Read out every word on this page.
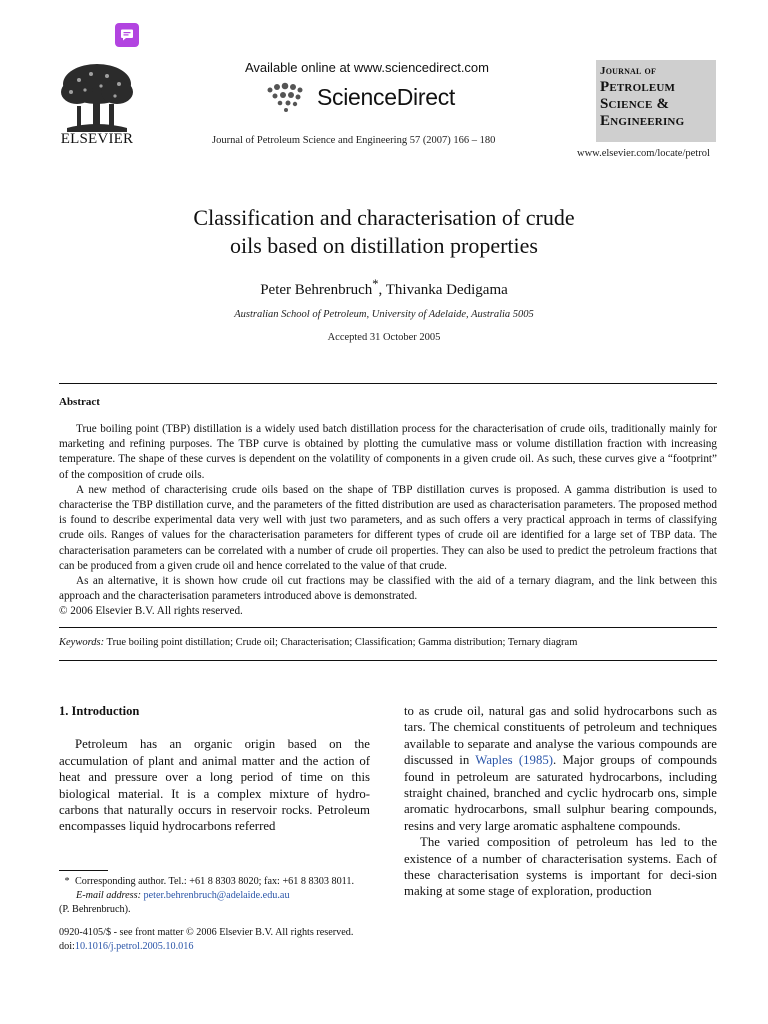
ELSEVIER
Available online at www.sciencedirect.com
ScienceDirect
Journal of Petroleum Science and Engineering 57 (2007) 166 – 180
Journal of
Petroleum
Science &
Engineering
www.elsevier.com/locate/petrol
Classification and characterisation of crude
oils based on distillation properties
Peter Behrenbruch*, Thivanka Dedigama
Australian School of Petroleum, University of Adelaide, Australia 5005
Accepted 31 October 2005
Abstract

True boiling point (TBP) distillation is a widely used batch distillation process for the characterisation of crude oils, traditionally mainly for marketing and refining purposes. The TBP curve is obtained by plotting the cumulative mass or volume distillation fraction with increasing temperature. The shape of these curves is dependent on the volatility of components in a given crude oil. As such, these curves give a “footprint” of the composition of crude oils.

A new method of characterising crude oils based on the shape of TBP distillation curves is proposed. A gamma distribution is used to characterise the TBP distillation curve, and the parameters of the fitted distribution are used as characterisation parameters. The proposed method is found to describe experimental data very well with just two parameters, and as such offers a very practical approach in terms of classifying crude oils. Ranges of values for the characterisation parameters for different types of crude oil are identified for a large set of TBP data. The characterisation parameters can be correlated with a number of crude oil properties. They can also be used to predict the petroleum fractions that can be produced from a given crude oil and hence correlated to the value of that crude.

As an alternative, it is shown how crude oil cut fractions may be classified with the aid of a ternary diagram, and the link between this approach and the characterisation parameters introduced above is demonstrated.

© 2006 Elsevier B.V. All rights reserved.

Keywords: True boiling point distillation; Crude oil; Characterisation; Classification; Gamma distribution; Ternary diagram
1. Introduction

Petroleum has an organic origin based on the accumulation of plant and animal matter and the action of heat and pressure over a long period of time on this biological material. It is a complex mixture of hydro-carbons that naturally occurs in reservoir rocks. Petroleum encompasses liquid hydrocarbons referred

to as crude oil, natural gas and solid hydrocarbons such as tars. The chemical constituents of petroleum and techniques available to separate and analyse the various compounds are discussed in Waples (1985). Major groups of compounds found in petroleum are saturated hydrocarbons, including straight chained, branched and cyclic hydrocarb ons, simple aromatic hydrocarbons, small sulphur bearing compounds, resins and very large aromatic asphaltene compounds.

The varied composition of petroleum has led to the existence of a number of characterisation systems. Each of these characterisation systems is important for deci-sion making at some stage of exploration, production

* Corresponding author. Tel.: +61 8 8303 8020; fax: +61 8 8303 8011.
E-mail address: peter.behrenbruch@adelaide.edu.au
(P. Behrenbruch).
0920-4105/$ - see front matter © 2006 Elsevier B.V. All rights reserved.
doi:10.1016/j.petrol.2005.10.016
